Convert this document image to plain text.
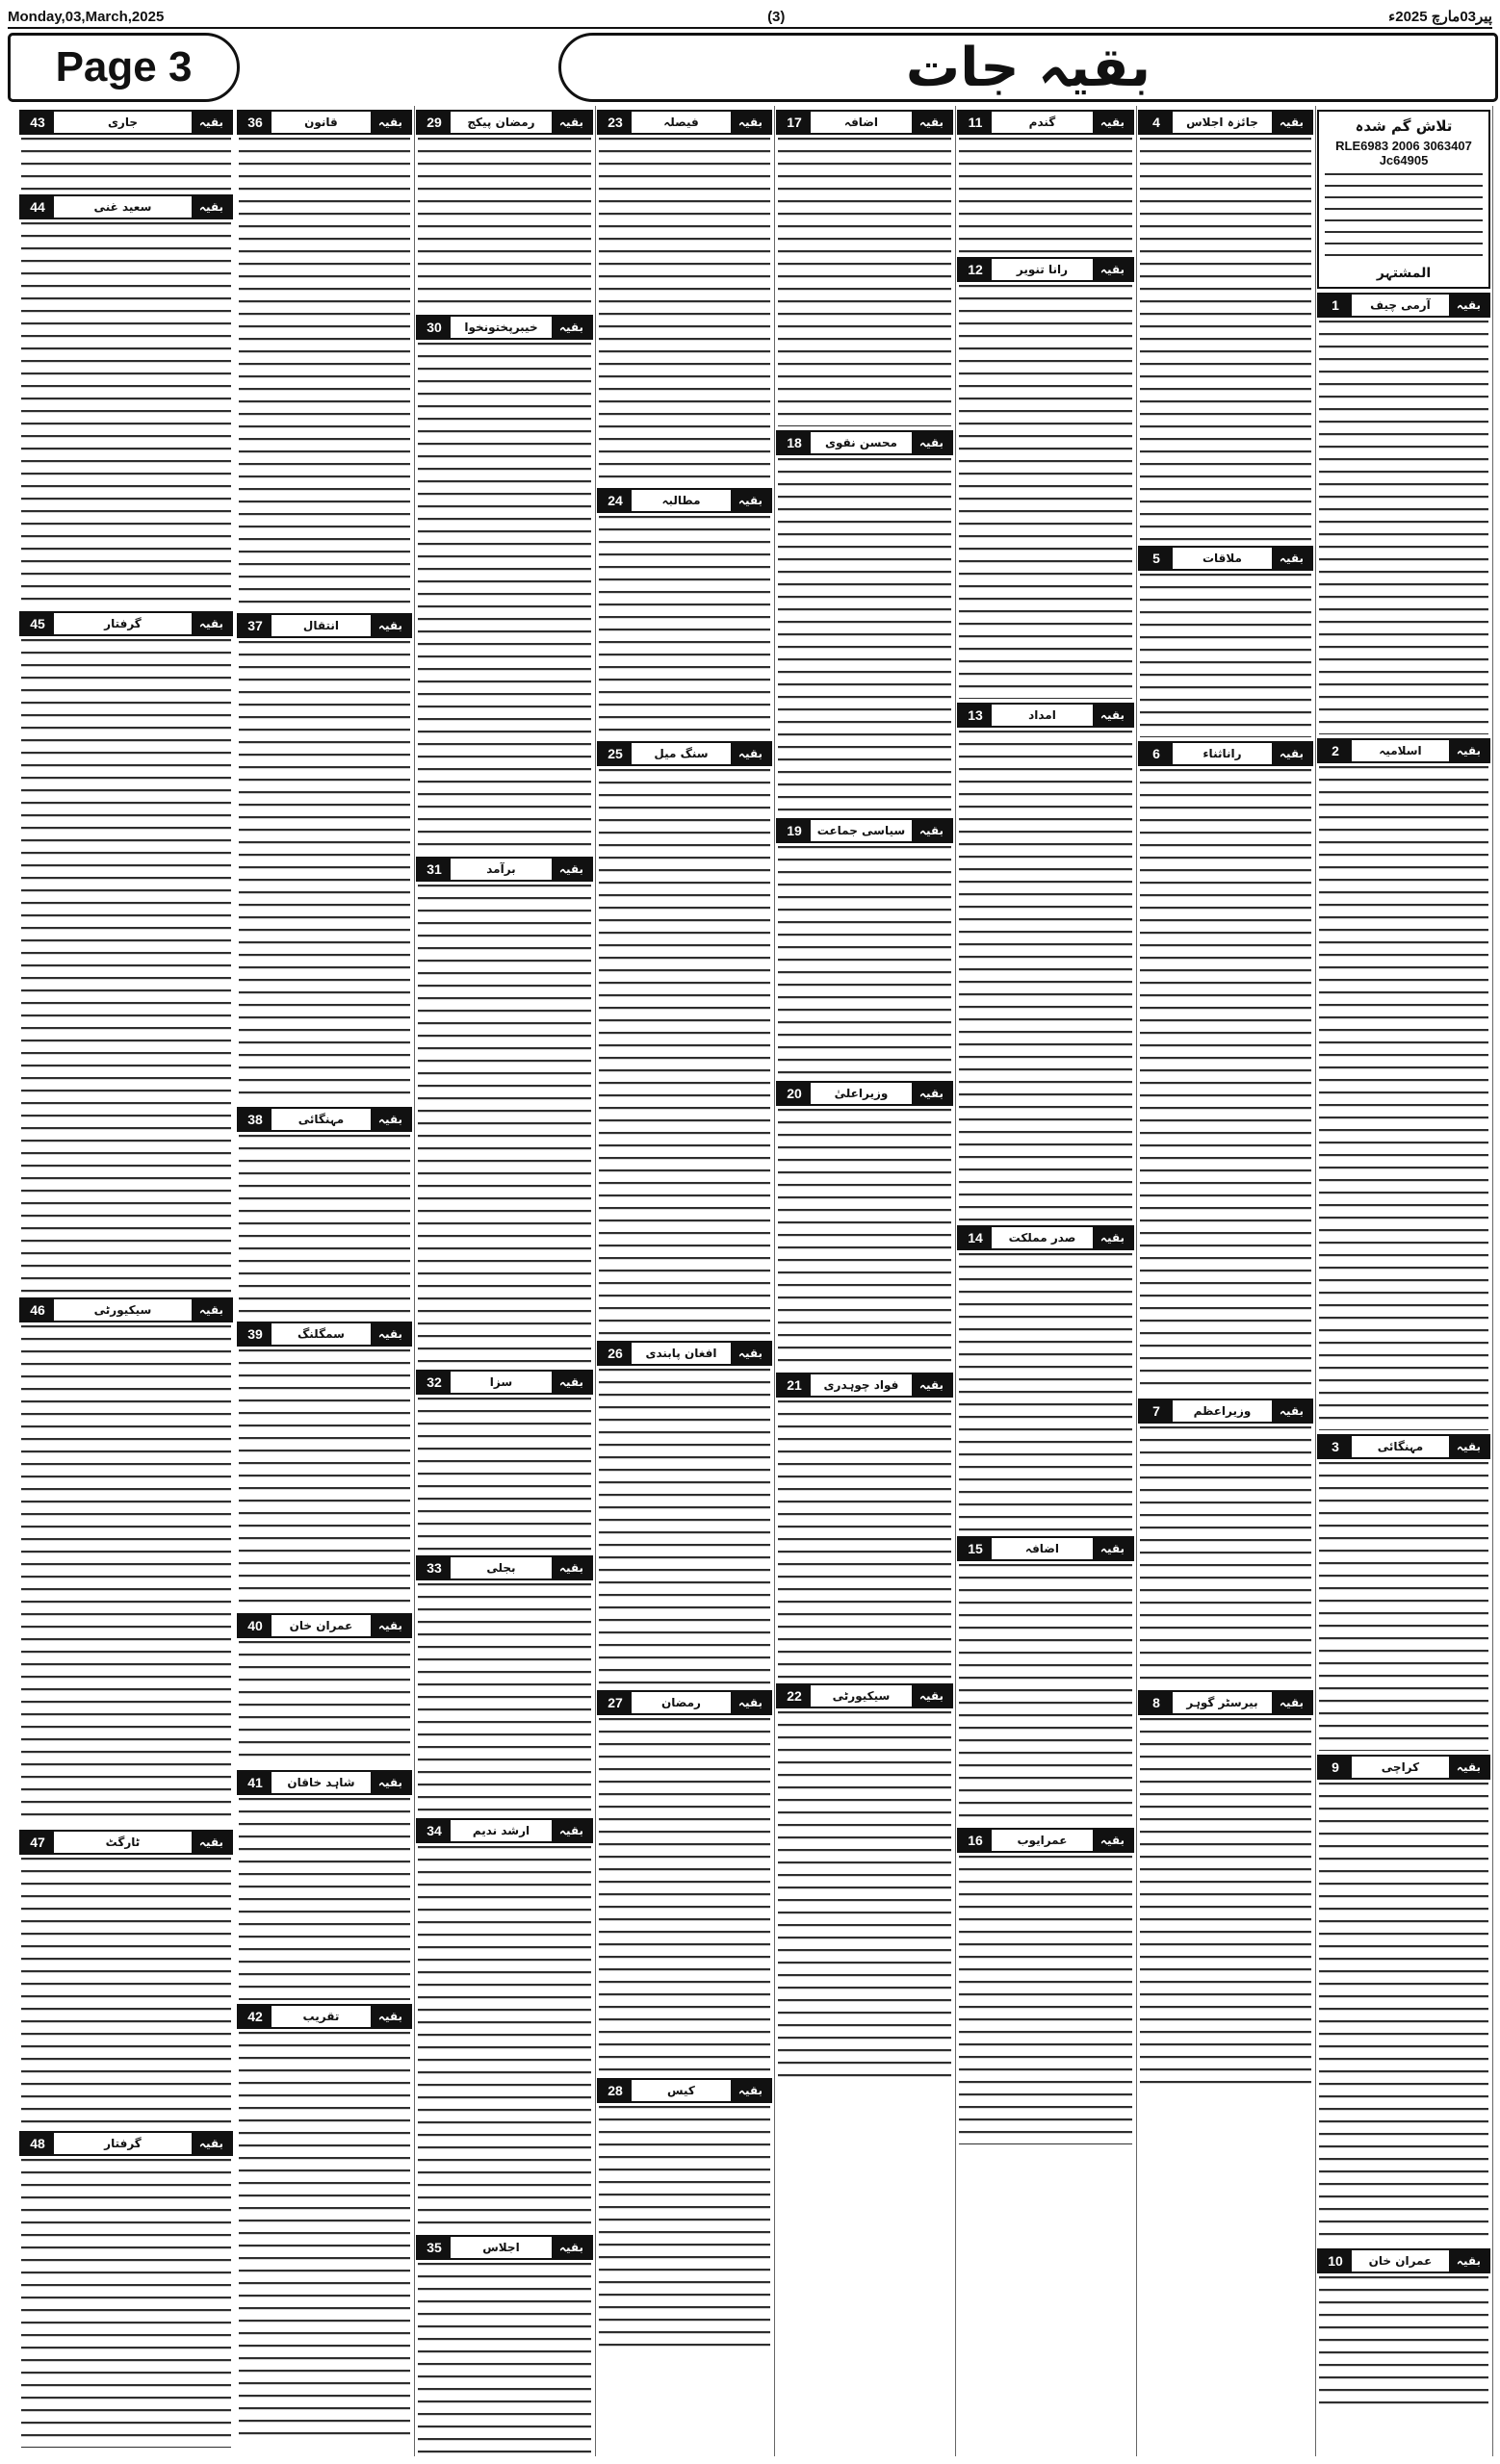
Monday,03,March,2025	(3)	پیر03مارچ 2025ء
Page 3	بقیہ جات
تلاش گم شدہ
RLE6983 2006 3063407 Jc64905
المشتہر
بقیہ
آرمی چیف
1
بقیہ
اسلامیہ
2
بقیہ
مہنگائی
3
بقیہ
کراچی
9
بقیہ
عمران خان
10
بقیہ
جائزہ اجلاس
4
بقیہ
ملاقات
5
بقیہ
راناثناء
6
بقیہ
وزیراعظم
7
بقیہ
بیرسٹر گوہر
8
بقیہ
گندم
11
بقیہ
رانا تنویر
12
بقیہ
امداد
13
بقیہ
صدر مملکت
14
بقیہ
اضافہ
15
بقیہ
عمرایوب
16
بقیہ
اضافہ
17
بقیہ
محسن نقوی
18
بقیہ
سیاسی جماعت
19
بقیہ
وزیراعلیٰ
20
بقیہ
فواد چوہدری
21
بقیہ
سیکیورٹی
22
بقیہ
فیصلہ
23
بقیہ
مطالبہ
24
بقیہ
سنگ میل
25
بقیہ
افغان پابندی
26
بقیہ
رمضان
27
بقیہ
کیس
28
بقیہ
رمضان پیکج
29
بقیہ
خیبرپختونخوا
30
بقیہ
برآمد
31
بقیہ
سزا
32
بقیہ
بجلی
33
بقیہ
ارشد ندیم
34
بقیہ
اجلاس
35
بقیہ
قانون
36
بقیہ
انتقال
37
بقیہ
مہنگائی
38
بقیہ
سمگلنگ
39
بقیہ
عمران خان
40
بقیہ
شاہد خاقان
41
بقیہ
تقریب
42
بقیہ
جاری
43
بقیہ
سعید غنی
44
بقیہ
گرفتار
45
بقیہ
سیکیورٹی
46
بقیہ
ٹارگٹ
47
بقیہ
گرفتار
48
